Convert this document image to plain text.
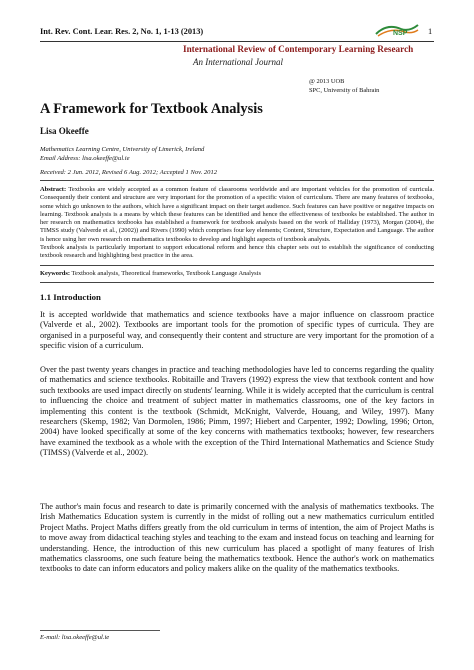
Int. Rev. Cont. Lear. Res. 2, No. 1, 1-13 (2013)	NSP 1
International Review of Contemporary Learning Research
An International Journal
@ 2013 UOB
SPC, University of Bahrain
A Framework for Textbook Analysis
Lisa Okeeffe
Mathematics Learning Centre, University of Limerick, Ireland
Email Address: lisa.okeeffe@ul.ie
Received: 2 Jun. 2012, Revised 6 Aug. 2012; Accepted 1 Nov. 2012

Abstract: Textbooks are widely accepted as a common feature of classrooms worldwide and are important vehicles for the promotion of curricula. Consequently their content and structure are very important for the promotion of a specific vision of curriculum. There are many features of textbooks, some which go unknown to the authors, which have a significant impact on their target audience. Such features can have positive or negative impacts on learning. Textbook analysis is a means by which these features can be identified and hence the effectiveness of textbooks be established. The author in her research on mathematics textbooks has established a framework for textbook analysis based on the work of Halliday (1973), Morgan (2004), the TIMSS study (Valverde et al., (2002)) and Rivers (1990) which comprises four key elements; Content, Structure, Expectation and Language. The author is hence using her own research on mathematics textbooks to develop and highlight aspects of textbook analysis.

Textbook analysis is particularly important to support educational reform and hence this chapter sets out to establish the significance of conducting textbook research and highlighting best practice in the area.

Keywords: Textbook analysis, Theoretical frameworks, Textbook Language Analysis
1.1 Introduction

It is accepted worldwide that mathematics and science textbooks have a major influence on classroom practice (Valverde et al., 2002). Textbooks are important tools for the promotion of specific types of curricula. They are organised in a purposeful way, and consequently their content and structure are very important for the promotion of a specific vision of a curriculum.

Over the past twenty years changes in practice and teaching methodologies have led to concerns regarding the quality of mathematics and science textbooks. Robitaille and Travers (1992) express the view that textbook content and how such textbooks are used impact directly on students' learning. While it is widely accepted that the curriculum is central to influencing the choice and treatment of subject matter in mathematics classrooms, one of the key factors in implementing this content is the textbook (Schmidt, McKnight, Valverde, Houang, and Wiley, 1997). Many researchers (Skemp, 1982; Van Dormolen, 1986; Pimm, 1997; Hiebert and Carpenter, 1992; Dowling, 1996; Orton, 2004) have looked specifically at some of the key concerns with mathematics textbooks; however, few researchers have examined the textbook as a whole with the exception of the Third International Mathematics and Science Study (TIMSS) (Valverde et al., 2002).

The author's main focus and research to date is primarily concerned with the analysis of mathematics textbooks. The Irish Mathematics Education system is currently in the midst of rolling out a new mathematics curriculum entitled Project Maths. Project Maths differs greatly from the old curriculum in terms of intention, the aim of Project Maths is to move away from didactical teaching styles and teaching to the exam and instead focus on teaching and learning for understanding. Hence, the introduction of this new curriculum has placed a spotlight of many features of Irish mathematics classrooms, one such feature being the mathematics textbook. Hence the author's work on mathematics textbooks to date can inform educators and policy makers alike on the quality of the mathematics textbooks.

E-mail: lisa.okeeffe@ul.ie
